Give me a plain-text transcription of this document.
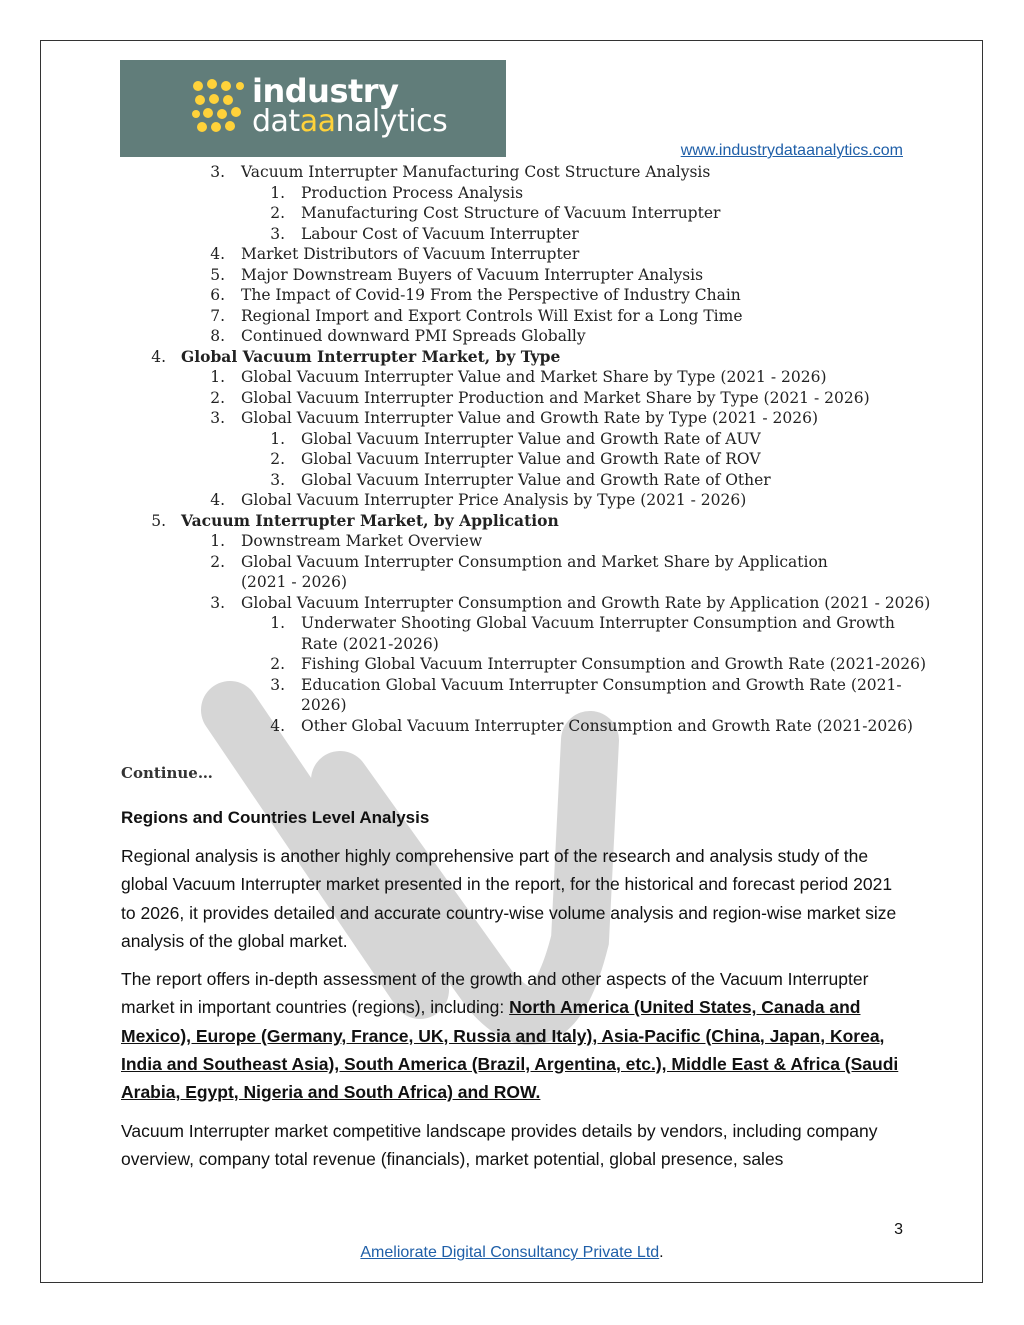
industry
dataanalytics
www.industrydataanalytics.com
3. Vacuum Interrupter Manufacturing Cost Structure Analysis
1. Production Process Analysis
2. Manufacturing Cost Structure of Vacuum Interrupter
3. Labour Cost of Vacuum Interrupter
4. Market Distributors of Vacuum Interrupter
5. Major Downstream Buyers of Vacuum Interrupter Analysis
6. The Impact of Covid-19 From the Perspective of Industry Chain
7. Regional Import and Export Controls Will Exist for a Long Time
8. Continued downward PMI Spreads Globally
4. Global Vacuum Interrupter Market, by Type
1. Global Vacuum Interrupter Value and Market Share by Type (2021 - 2026)
2. Global Vacuum Interrupter Production and Market Share by Type (2021 - 2026)
3. Global Vacuum Interrupter Value and Growth Rate by Type (2021 - 2026)
1. Global Vacuum Interrupter Value and Growth Rate of AUV
2. Global Vacuum Interrupter Value and Growth Rate of ROV
3. Global Vacuum Interrupter Value and Growth Rate of Other
4. Global Vacuum Interrupter Price Analysis by Type (2021 - 2026)
5. Vacuum Interrupter Market, by Application
1. Downstream Market Overview
2. Global Vacuum Interrupter Consumption and Market Share by Application (2021 - 2026)
3. Global Vacuum Interrupter Consumption and Growth Rate by Application (2021 - 2026)
1. Underwater Shooting Global Vacuum Interrupter Consumption and Growth Rate (2021-2026)
2. Fishing Global Vacuum Interrupter Consumption and Growth Rate (2021-2026)
3. Education Global Vacuum Interrupter Consumption and Growth Rate (2021-2026)
4. Other Global Vacuum Interrupter Consumption and Growth Rate (2021-2026)
Continue…
Regions and Countries Level Analysis
Regional analysis is another highly comprehensive part of the research and analysis study of the global Vacuum Interrupter market presented in the report, for the historical and forecast period 2021 to 2026, it provides detailed and accurate country-wise volume analysis and region-wise market size analysis of the global market.
The report offers in-depth assessment of the growth and other aspects of the Vacuum Interrupter market in important countries (regions), including: North America (United States, Canada and Mexico), Europe (Germany, France, UK, Russia and Italy), Asia-Pacific (China, Japan, Korea, India and Southeast Asia), South America (Brazil, Argentina, etc.), Middle East & Africa (Saudi Arabia, Egypt, Nigeria and South Africa) and ROW.
Vacuum Interrupter market competitive landscape provides details by vendors, including company overview, company total revenue (financials), market potential, global presence, sales
3
Ameliorate Digital Consultancy Private Ltd.
